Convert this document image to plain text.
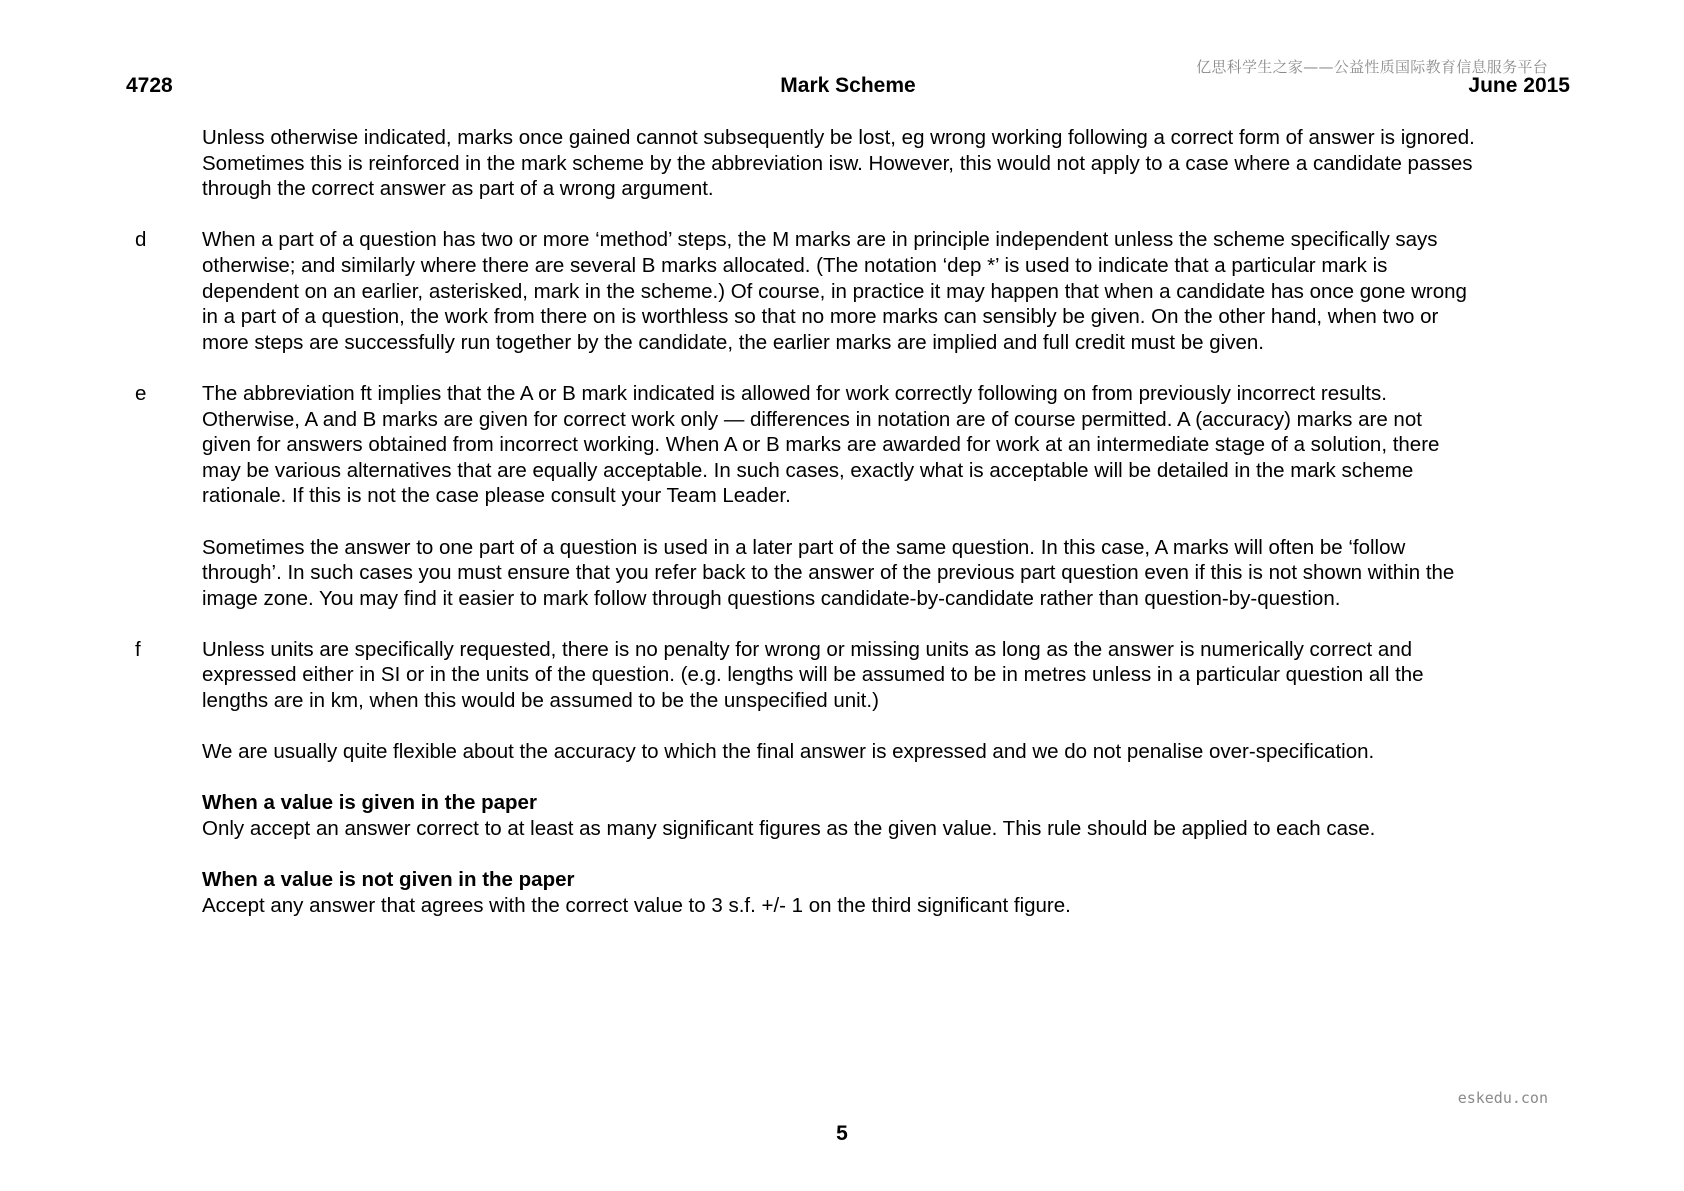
亿思科学生之家——公益性质国际教育信息服务平台
4728	Mark Scheme	June 2015

Unless otherwise indicated, marks once gained cannot subsequently be lost, eg wrong working following a correct form of answer is ignored. Sometimes this is reinforced in the mark scheme by the abbreviation isw. However, this would not apply to a case where a candidate passes through the correct answer as part of a wrong argument.

d	When a part of a question has two or more ‘method’ steps, the M marks are in principle independent unless the scheme specifically says otherwise; and similarly where there are several B marks allocated. (The notation ‘dep *’ is used to indicate that a particular mark is dependent on an earlier, asterisked, mark in the scheme.) Of course, in practice it may happen that when a candidate has once gone wrong in a part of a question, the work from there on is worthless so that no more marks can sensibly be given. On the other hand, when two or more steps are successfully run together by the candidate, the earlier marks are implied and full credit must be given.

e	The abbreviation ft implies that the A or B mark indicated is allowed for work correctly following on from previously incorrect results. Otherwise, A and B marks are given for correct work only — differences in notation are of course permitted. A (accuracy) marks are not given for answers obtained from incorrect working. When A or B marks are awarded for work at an intermediate stage of a solution, there may be various alternatives that are equally acceptable. In such cases, exactly what is acceptable will be detailed in the mark scheme rationale. If this is not the case please consult your Team Leader.

Sometimes the answer to one part of a question is used in a later part of the same question. In this case, A marks will often be ‘follow through’. In such cases you must ensure that you refer back to the answer of the previous part question even if this is not shown within the image zone. You may find it easier to mark follow through questions candidate-by-candidate rather than question-by-question.

f	Unless units are specifically requested, there is no penalty for wrong or missing units as long as the answer is numerically correct and expressed either in SI or in the units of the question. (e.g. lengths will be assumed to be in metres unless in a particular question all the lengths are in km, when this would be assumed to be the unspecified unit.)

We are usually quite flexible about the accuracy to which the final answer is expressed and we do not penalise over-specification.

When a value is given in the paper

Only accept an answer correct to at least as many significant figures as the given value. This rule should be applied to each case.

When a value is not given in the paper

Accept any answer that agrees with the correct value to 3 s.f. +/- 1 on the third significant figure.

eskedu.con
5
